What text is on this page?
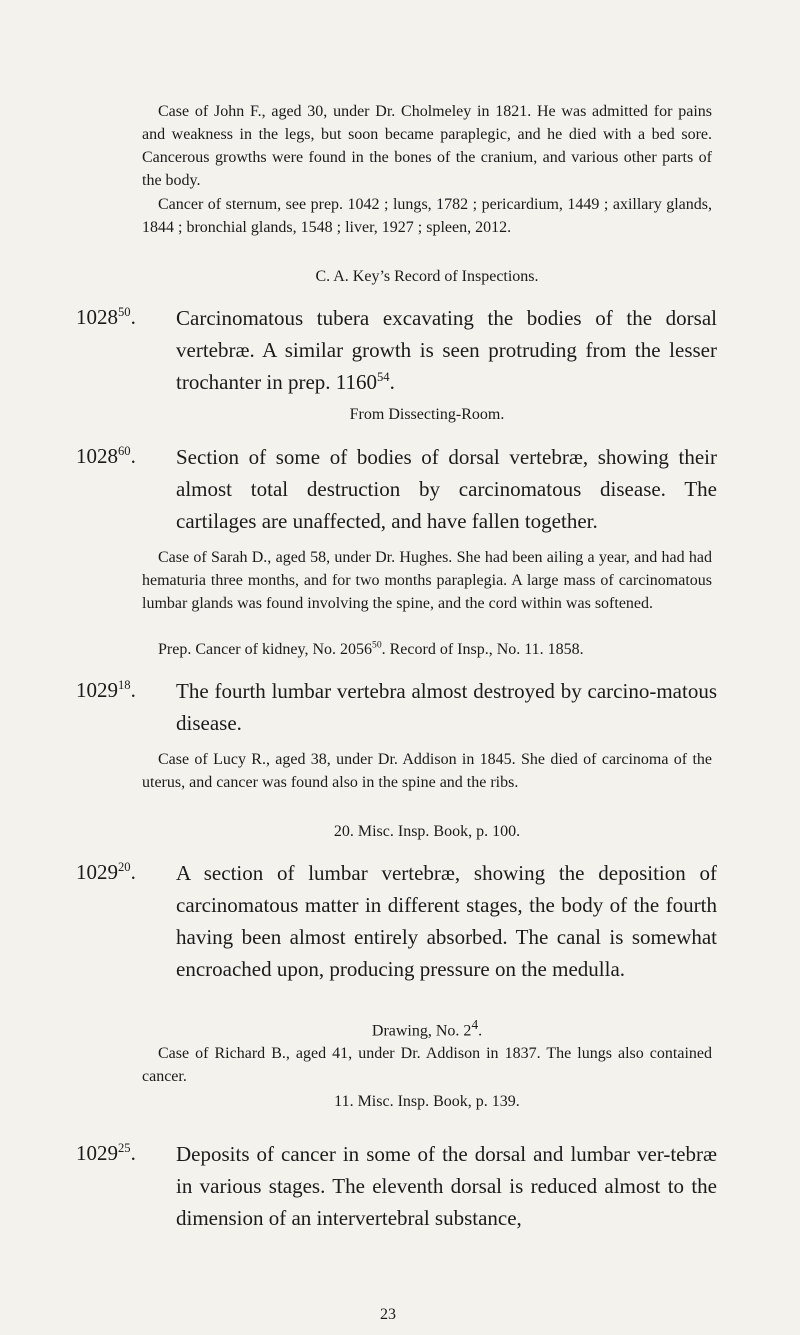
Case of John F., aged 30, under Dr. Cholmeley in 1821. He was admitted for pains and weakness in the legs, but soon became paraplegic, and he died with a bed sore. Cancerous growths were found in the bones of the cranium, and various other parts of the body.

Cancer of sternum, see prep. 1042 ; lungs, 1782 ; pericardium, 1449 ; axillary glands, 1844 ; bronchial glands, 1548 ; liver, 1927 ; spleen, 2012.

C. A. Key’s Record of Inspections.

1028$^{50}$. Carcinomatous tubera excavating the bodies of the dorsal vertebræ. A similar growth is seen protruding from the lesser trochanter in prep. 1160$^{54}$.

From Dissecting-Room.

1028$^{60}$. Section of some of bodies of dorsal vertebræ, showing their almost total destruction by carcinomatous disease. The cartilages are unaffected, and have fallen together.

Case of Sarah D., aged 58, under Dr. Hughes. She had been ailing a year, and had had hematuria three months, and for two months paraplegia. A large mass of carcinomatous lumbar glands was found involving the spine, and the cord within was softened.

Prep. Cancer of kidney, No. 2056$^{50}$. Record of Insp., No. 11. 1858.

1029$^{18}$. The fourth lumbar vertebra almost destroyed by carcino-matous disease.

Case of Lucy R., aged 38, under Dr. Addison in 1845. She died of carcinoma of the uterus, and cancer was found also in the spine and the ribs.

20. Misc. Insp. Book, p. 100.

1029$^{20}$. A section of lumbar vertebræ, showing the deposition of carcinomatous matter in different stages, the body of the fourth having been almost entirely absorbed. The canal is somewhat encroached upon, producing pressure on the medulla.

Drawing, No. $2^4$.

Case of Richard B., aged 41, under Dr. Addison in 1837. The lungs also contained cancer.

11. Misc. Insp. Book, p. 139.

1029$^{25}$. Deposits of cancer in some of the dorsal and lumbar ver-tebræ in various stages. The eleventh dorsal is reduced almost to the dimension of an intervertebral substance,

23
